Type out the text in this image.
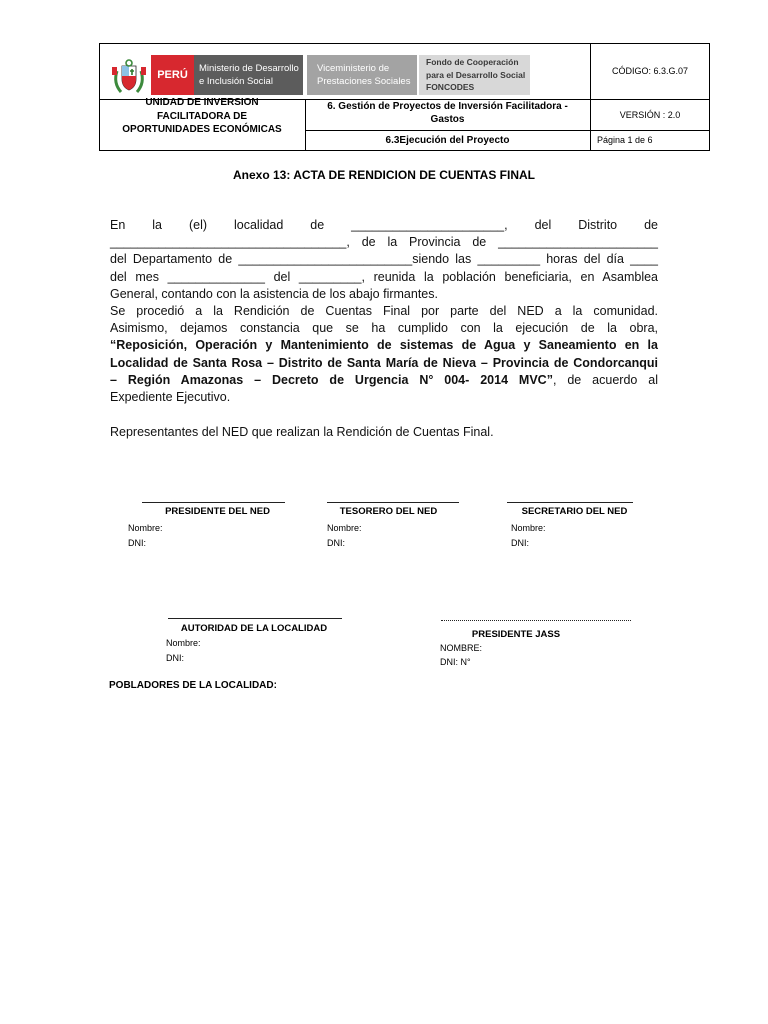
PERÚ
Ministerio de Desarrollo
e Inclusión Social
Viceministerio de
Prestaciones Sociales
Fondo de Cooperación
para el Desarrollo Social
FONCODES
CÓDIGO: 6.3.G.07
UNIDAD DE INVERSION
FACILITADORA DE
OPORTUNIDADES ECONÓMICAS
6. Gestión de Proyectos de Inversión Facilitadora -
Gastos	VERSIÓN : 2.0
6.3Ejecución del Proyecto	Página 1 de 6
Anexo 13: ACTA DE RENDICION DE CUENTAS FINAL
En la (el) localidad de ______________________, del Distrito de
__________________________________, de la Provincia de _______________________
del Departamento de _________________________siendo las _________ horas del día ____
del mes ______________ del _________, reunida la población beneficiaria, en Asamblea
General, contando con la asistencia de los abajo firmantes.
Se procedió a la Rendición de Cuentas Final por parte del NED a la comunidad.
Asimismo, dejamos constancia que se ha cumplido con la ejecución de la obra,
“Reposición, Operación y Mantenimiento de sistemas de Agua y Saneamiento en la
Localidad de Santa Rosa – Distrito de Santa María de Nieva – Provincia de Condorcanqui
– Región Amazonas – Decreto de Urgencia N° 004- 2014 MVC”, de acuerdo al
Expediente Ejecutivo.
Representantes del NED que realizan la Rendición de Cuentas Final.
PRESIDENTE DEL NED
Nombre:
DNI:
TESORERO DEL NED
Nombre:
DNI:
SECRETARIO DEL NED
Nombre:
DNI:
AUTORIDAD DE LA LOCALIDAD
Nombre:
DNI:
PRESIDENTE JASS
NOMBRE:
DNI: N°
POBLADORES DE LA LOCALIDAD:
